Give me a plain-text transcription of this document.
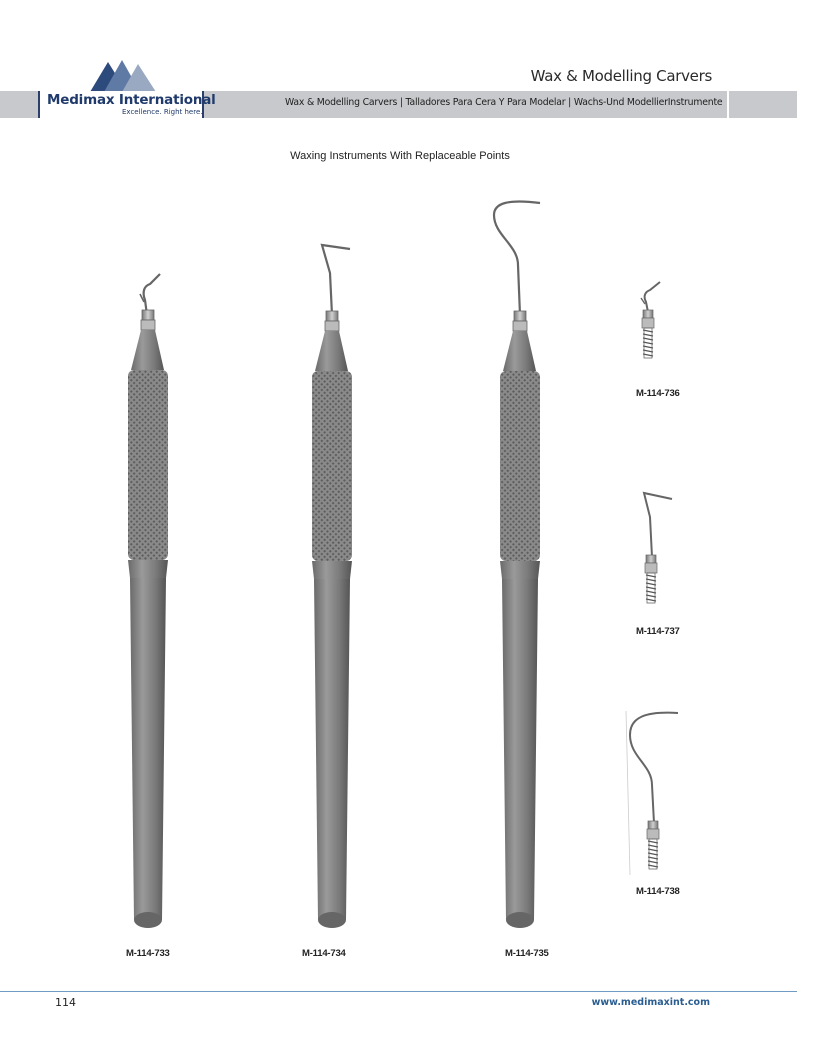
Medimax International
Excellence. Right here.
Wax & Modelling Carvers
Wax & Modelling Carvers | Talladores Para Cera Y Para Modelar | Wachs-Und ModellierInstrumente
Waxing Instruments With Replaceable Points
M-114-733	M-114-734	M-114-735
M-114-736
M-114-737
M-114-738
114	www.medimaxint.com
